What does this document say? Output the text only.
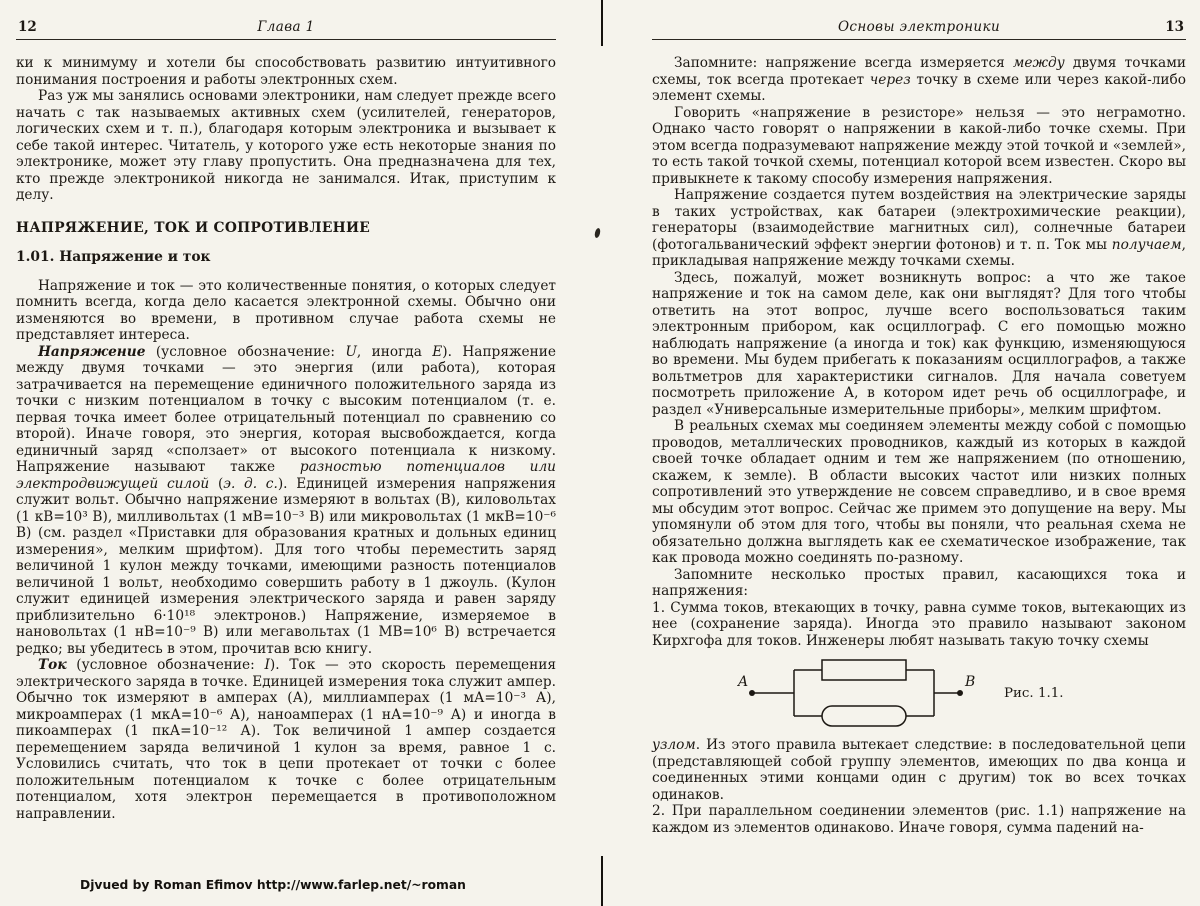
12	Глава 1

ки к минимуму и хотели бы способствовать развитию интуитивного понимания построения и работы электронных схем.

Раз уж мы занялись основами электроники, нам следует прежде всего начать с так называемых активных схем (усилителей, генераторов, логических схем и т. п.), благодаря которым электроника и вызывает к себе такой интерес. Читатель, у которого уже есть некоторые знания по электронике, может эту главу пропустить. Она предназначена для тех, кто прежде электроникой никогда не занимался. Итак, приступим к делу.

НАПРЯЖЕНИЕ, ТОК И СОПРОТИВЛЕНИЕ
1.01. Напряжение и ток

Напряжение и ток — это количественные понятия, о которых следует помнить всегда, когда дело касается электронной схемы. Обычно они изменяются во времени, в противном случае работа схемы не представляет интереса.

Напряжение (условное обозначение: U, иногда E). Напряжение между двумя точками — это энергия (или работа), которая затрачивается на перемещение единичного положительного заряда из точки с низким потенциалом в точку с высоким потенциалом (т. е. первая точка имеет более отрицательный потенциал по сравнению со второй). Иначе говоря, это энергия, которая высвобождается, когда единичный заряд «сползает» от высокого потенциала к низкому. Напряжение называют также разностью потенциалов или электродвижущей силой (э. д. с.). Единицей измерения напряжения служит вольт. Обычно напряжение измеряют в вольтах (В), киловольтах (1 кВ=10³ В), милливольтах (1 мВ=10⁻³ В) или микровольтах (1 мкВ=10⁻⁶ В) (см. раздел «Приставки для образования кратных и дольных единиц измерения», мелким шрифтом). Для того чтобы переместить заряд величиной 1 кулон между точками, имеющими разность потенциалов величиной 1 вольт, необходимо совершить работу в 1 джоуль. (Кулон служит единицей измерения электрического заряда и равен заряду приблизительно 6·10¹⁸ электронов.) Напряжение, измеряемое в нановольтах (1 нВ=10⁻⁹ В) или мегавольтах (1 МВ=10⁶ В) встречается редко; вы убедитесь в этом, прочитав всю книгу.

Ток (условное обозначение: I). Ток — это скорость перемещения электрического заряда в точке. Единицей измерения тока служит ампер. Обычно ток измеряют в амперах (А), миллиамперах (1 мА=10⁻³ А), микроамперах (1 мкА=10⁻⁶ А), наноамперах (1 нА=10⁻⁹ А) и иногда в пикоамперах (1 пкА=10⁻¹² А). Ток величиной 1 ампер создается перемещением заряда величиной 1 кулон за время, равное 1 с. Условились считать, что ток в цепи протекает от точки с более положительным потенциалом к точке с более отрицательным потенциалом, хотя электрон перемещается в противоположном направлении.

Основы электроники	13

Запомните: напряжение всегда измеряется между двумя точками схемы, ток всегда протекает через точку в схеме или через какой-либо элемент схемы.

Говорить «напряжение в резисторе» нельзя — это неграмотно. Однако часто говорят о напряжении в какой-либо точке схемы. При этом всегда подразумевают напряжение между этой точкой и «землей», то есть такой точкой схемы, потенциал которой всем известен. Скоро вы привыкнете к такому способу измерения напряжения.

Напряжение создается путем воздействия на электрические заряды в таких устройствах, как батареи (электрохимические реакции), генераторы (взаимодействие магнитных сил), солнечные батареи (фотогальванический эффект энергии фотонов) и т. п. Ток мы получаем, прикладывая напряжение между точками схемы.

Здесь, пожалуй, может возникнуть вопрос: а что же такое напряжение и ток на самом деле, как они выглядят? Для того чтобы ответить на этот вопрос, лучше всего воспользоваться таким электронным прибором, как осциллограф. С его помощью можно наблюдать напряжение (а иногда и ток) как функцию, изменяющуюся во времени. Мы будем прибегать к показаниям осциллографов, а также вольтметров для характеристики сигналов. Для начала советуем посмотреть приложение А, в котором идет речь об осциллографе, и раздел «Универсальные измерительные приборы», мелким шрифтом.

В реальных схемах мы соединяем элементы между собой с помощью проводов, металлических проводников, каждый из которых в каждой своей точке обладает одним и тем же напряжением (по отношению, скажем, к земле). В области высоких частот или низких полных сопротивлений это утверждение не совсем справедливо, и в свое время мы обсудим этот вопрос. Сейчас же примем это допущение на веру. Мы упомянули об этом для того, чтобы вы поняли, что реальная схема не обязательно должна выглядеть как ее схематическое изображение, так как провода можно соединять по-разному.

Запомните несколько простых правил, касающихся тока и напряжения:

1. Сумма токов, втекающих в точку, равна сумме токов, вытекающих из нее (сохранение заряда). Иногда это правило называют законом Кирхгофа для токов. Инженеры любят называть такую точку схемы

A	B
Рис. 1.1.

узлом. Из этого правила вытекает следствие: в последовательной цепи (представляющей собой группу элементов, имеющих по два конца и соединенных этими концами один с другим) ток во всех точках одинаков.

2. При параллельном соединении элементов (рис. 1.1) напряжение на каждом из элементов одинаково. Иначе говоря, сумма падений на-

Djvued by Roman Efimov http://www.farlep.net/~roman
